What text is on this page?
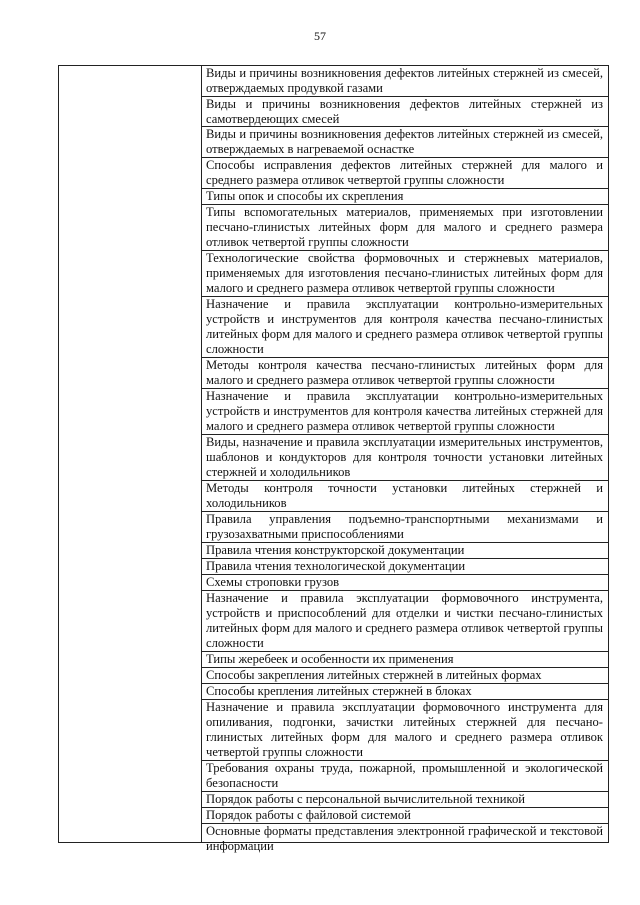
57
Виды и причины возникновения дефектов литейных стержней из смесей, отверждаемых продувкой газами
Виды и причины возникновения дефектов литейных стержней из самотвердеющих смесей
Виды и причины возникновения дефектов литейных стержней из смесей, отверждаемых в нагреваемой оснастке
Способы исправления дефектов литейных стержней для малого и среднего размера отливок четвертой группы сложности
Типы опок и способы их скрепления
Типы вспомогательных материалов, применяемых при изготовлении песчано-глинистых литейных форм для малого и среднего размера отливок четвертой группы сложности
Технологические свойства формовочных и стержневых материалов, применяемых для изготовления песчано-глинистых литейных форм для малого и среднего размера отливок четвертой группы сложности
Назначение и правила эксплуатации контрольно-измерительных устройств и инструментов для контроля качества песчано-глинистых литейных форм для малого и среднего размера отливок четвертой группы сложности
Методы контроля качества песчано-глинистых литейных форм для малого и среднего размера отливок четвертой группы сложности
Назначение и правила эксплуатации контрольно-измерительных устройств и инструментов для контроля качества литейных стержней для малого и среднего размера отливок четвертой группы сложности
Виды, назначение и правила эксплуатации измерительных инструментов, шаблонов и кондукторов для контроля точности установки литейных стержней и холодильников
Методы контроля точности установки литейных стержней и холодильников
Правила управления подъемно-транспортными механизмами и грузозахватными приспособлениями
Правила чтения конструкторской документации
Правила чтения технологической документации
Схемы строповки грузов
Назначение и правила эксплуатации формовочного инструмента, устройств и приспособлений для отделки и чистки песчано-глинистых литейных форм для малого и среднего размера отливок четвертой группы сложности
Типы жеребеек и особенности их применения
Способы закрепления литейных стержней в литейных формах
Способы крепления литейных стержней в блоках
Назначение и правила эксплуатации формовочного инструмента для опиливания, подгонки, зачистки литейных стержней для песчано-глинистых литейных форм для малого и среднего размера отливок четвертой группы сложности
Требования охраны труда, пожарной, промышленной и экологической безопасности
Порядок работы с персональной вычислительной техникой
Порядок работы с файловой системой
Основные форматы представления электронной графической и текстовой информации
